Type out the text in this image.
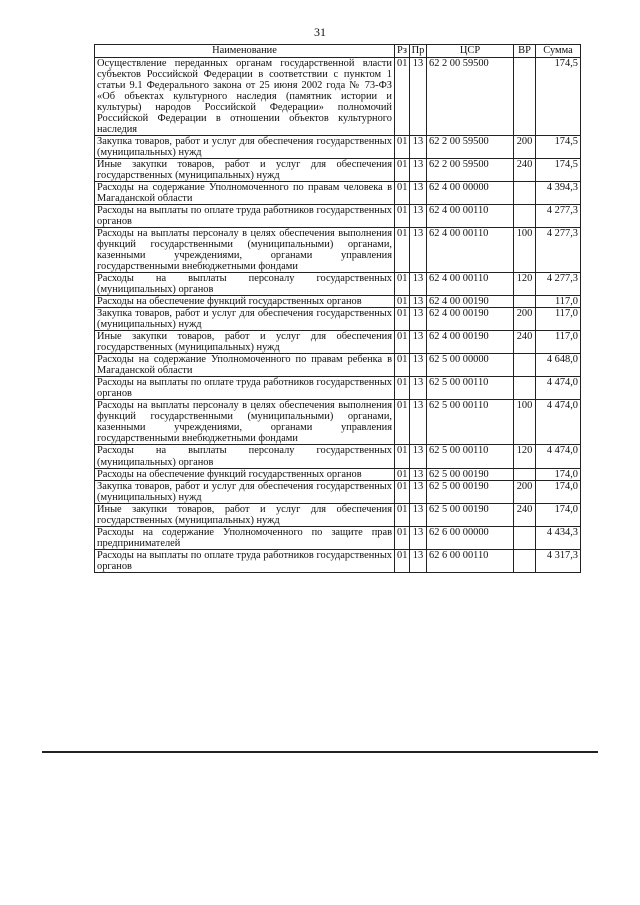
31
Наименование	Рз	Пр	ЦСР	ВР	Сумма
Осуществление переданных органам государственной власти субъектов Российской Федерации в соответствии с пунктом 1 статьи 9.1 Федерального закона от 25 июня 2002 года № 73-ФЗ «Об объектах культурного наследия (памятник истории и культуры) народов Российской Федерации» полномочий Российской Федерации в отношении объектов культурного наследия	01	13	62 2 00 59500		174,5
Закупка товаров, работ и услуг для обеспечения государственных (муниципальных) нужд	01	13	62 2 00 59500	200	174,5
Иные закупки товаров, работ и услуг для обеспечения государственных (муниципальных) нужд	01	13	62 2 00 59500	240	174,5
Расходы на содержание Уполномоченного по правам человека в Магаданской области	01	13	62 4 00 00000		4 394,3
Расходы на выплаты по оплате труда работников государственных органов	01	13	62 4 00 00110		4 277,3
Расходы на выплаты персоналу в целях обеспечения выполнения функций государственными (муниципальными) органами, казенными учреждениями, органами управления государственными внебюджетными фондами	01	13	62 4 00 00110	100	4 277,3
Расходы на выплаты персоналу государственных (муниципальных) органов	01	13	62 4 00 00110	120	4 277,3
Расходы на обеспечение функций государственных органов	01	13	62 4 00 00190		117,0
Закупка товаров, работ и услуг для обеспечения государственных (муниципальных) нужд	01	13	62 4 00 00190	200	117,0
Иные закупки товаров, работ и услуг для обеспечения государственных (муниципальных) нужд	01	13	62 4 00 00190	240	117,0
Расходы на содержание Уполномоченного по правам ребенка в Магаданской области	01	13	62 5 00 00000		4 648,0
Расходы на выплаты по оплате труда работников государственных органов	01	13	62 5 00 00110		4 474,0
Расходы на выплаты персоналу в целях обеспечения выполнения функций государственными (муниципальными) органами, казенными учреждениями, органами управления государственными внебюджетными фондами	01	13	62 5 00 00110	100	4 474,0
Расходы на выплаты персоналу государственных (муниципальных) органов	01	13	62 5 00 00110	120	4 474,0
Расходы на обеспечение функций государственных органов	01	13	62 5 00 00190		174,0
Закупка товаров, работ и услуг для обеспечения государственных (муниципальных) нужд	01	13	62 5 00 00190	200	174,0
Иные закупки товаров, работ и услуг для обеспечения государственных (муниципальных) нужд	01	13	62 5 00 00190	240	174,0
Расходы на содержание Уполномоченного по защите прав предпринимателей	01	13	62 6 00 00000		4 434,3
Расходы на выплаты по оплате труда работников государственных органов	01	13	62 6 00 00110		4 317,3
